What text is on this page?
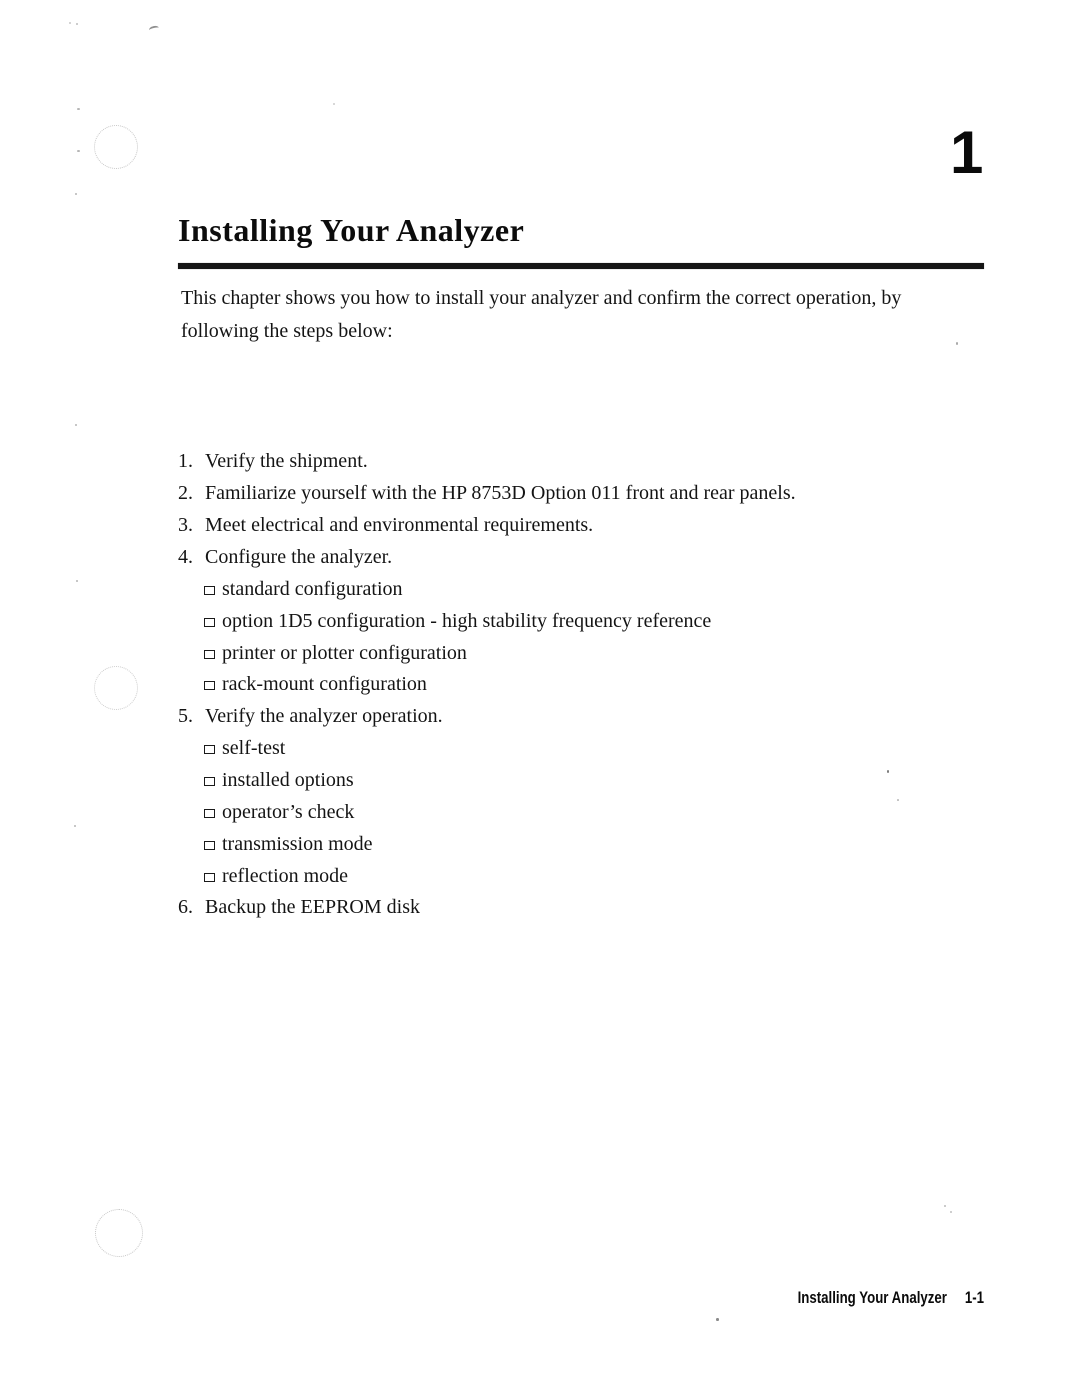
1
Installing Your Analyzer
This chapter shows you how to install your analyzer and confirm the correct operation, by
following the steps below:
1. Verify the shipment.
2. Familiarize yourself with the HP 8753D Option 011 front and rear panels.
3. Meet electrical and environmental requirements.
4. Configure the analyzer.
standard configuration
option 1D5 configuration - high stability frequency reference
printer or plotter configuration
rack-mount configuration
5. Verify the analyzer operation.
self-test
installed options
operator’s check
transmission mode
reflection mode
6. Backup the EEPROM disk
Installing Your Analyzer 1-1
